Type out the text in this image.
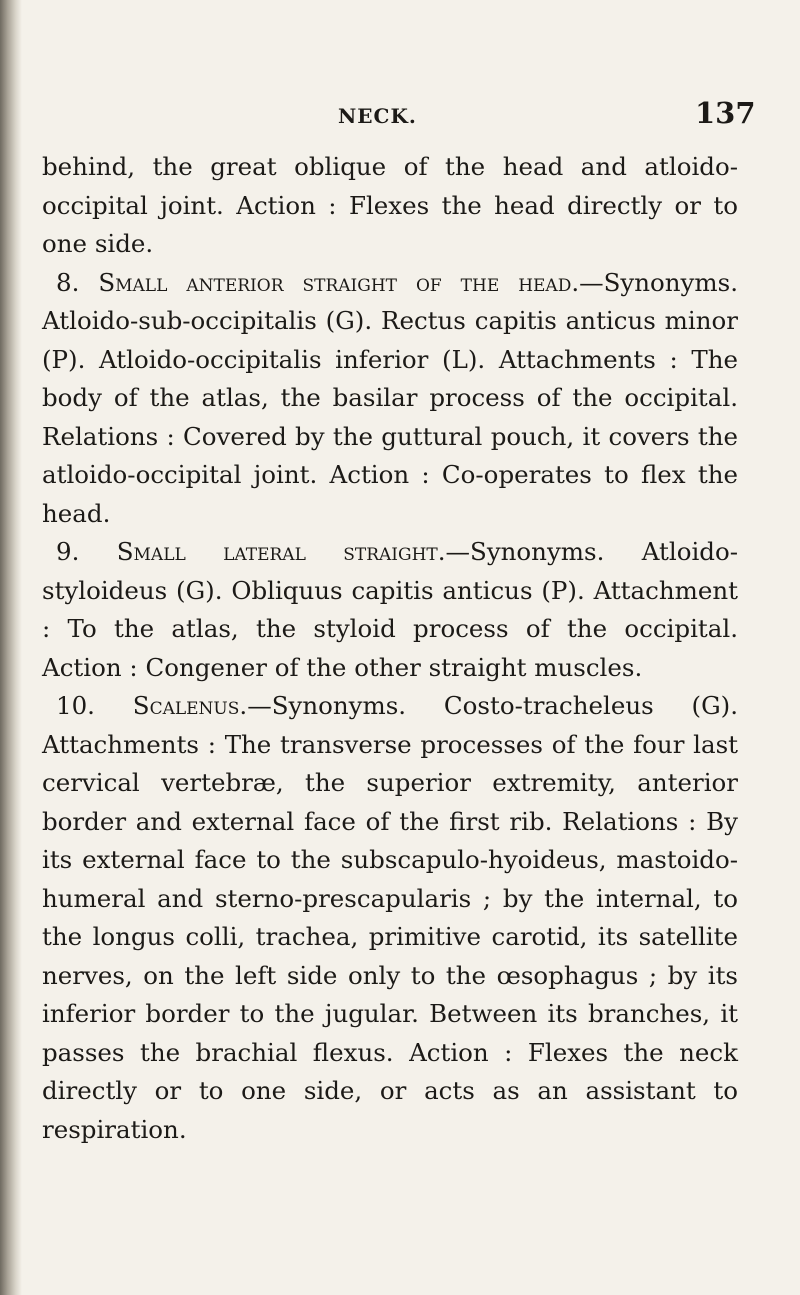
NECK.	137

behind, the great oblique of the head and atloido-occipital joint. Action : Flexes the head directly or to one side.

8. Small anterior straight of the head.—Synonyms. Atloido-sub-occipitalis (G). Rectus capitis anticus minor (P). Atloido-occipitalis inferior (L). Attachments : The body of the atlas, the basilar process of the occipital. Relations : Covered by the guttural pouch, it covers the atloido-occipital joint. Action : Co-operates to flex the head.

9. Small lateral straight.—Synonyms. Atloido-styloideus (G). Obliquus capitis anticus (P). Attachment : To the atlas, the styloid process of the occipital. Action : Congener of the other straight muscles.

10. Scalenus.—Synonyms. Costo-tracheleus (G). Attachments : The transverse processes of the four last cervical vertebræ, the superior extremity, anterior border and external face of the first rib. Relations : By its external face to the subscapulo-hyoideus, mastoido-humeral and sterno-prescapularis ; by the internal, to the longus colli, trachea, primitive carotid, its satellite nerves, on the left side only to the œsophagus ; by its inferior border to the jugular. Between its branches, it passes the brachial flexus. Action : Flexes the neck directly or to one side, or acts as an assistant to respiration.
